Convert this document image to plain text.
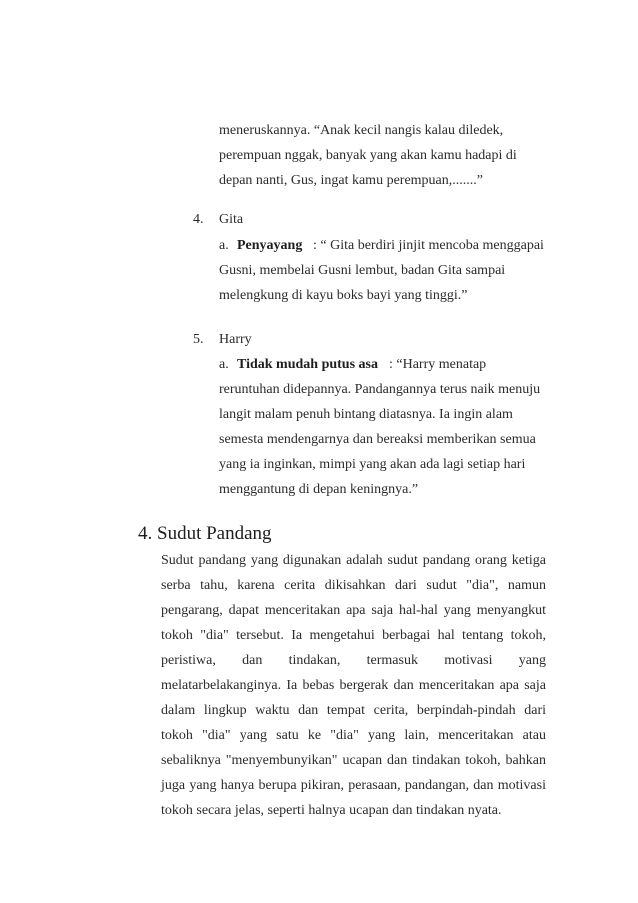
meneruskannya. “Anak kecil nangis kalau diledek,
perempuan nggak, banyak yang akan kamu hadapi di
depan nanti, Gus, ingat kamu perempuan,.......”
4. Gita
a. Penyayang : “ Gita berdiri jinjit mencoba menggapai
Gusni, membelai Gusni lembut, badan Gita sampai
melengkung di kayu boks bayi yang tinggi.”
5. Harry
a. Tidak mudah putus asa : “Harry menatap
reruntuhan didepannya. Pandangannya terus naik menuju
langit malam penuh bintang diatasnya. Ia ingin alam
semesta mendengarnya dan bereaksi memberikan semua
yang ia inginkan, mimpi yang akan ada lagi setiap hari
menggantung di depan keningnya.”
4. Sudut Pandang
Sudut pandang yang digunakan adalah sudut pandang orang ketiga
serba tahu, karena cerita dikisahkan dari sudut "dia", namun
pengarang, dapat menceritakan apa saja hal-hal yang menyangkut
tokoh "dia" tersebut. Ia mengetahui berbagai hal tentang tokoh,
peristiwa, dan tindakan, termasuk motivasi yang
melatarbelakanginya. Ia bebas bergerak dan menceritakan apa saja
dalam lingkup waktu dan tempat cerita, berpindah-pindah dari
tokoh "dia" yang satu ke "dia" yang lain, menceritakan atau
sebaliknya "menyembunyikan" ucapan dan tindakan tokoh, bahkan
juga yang hanya berupa pikiran, perasaan, pandangan, dan motivasi
tokoh secara jelas, seperti halnya ucapan dan tindakan nyata.
